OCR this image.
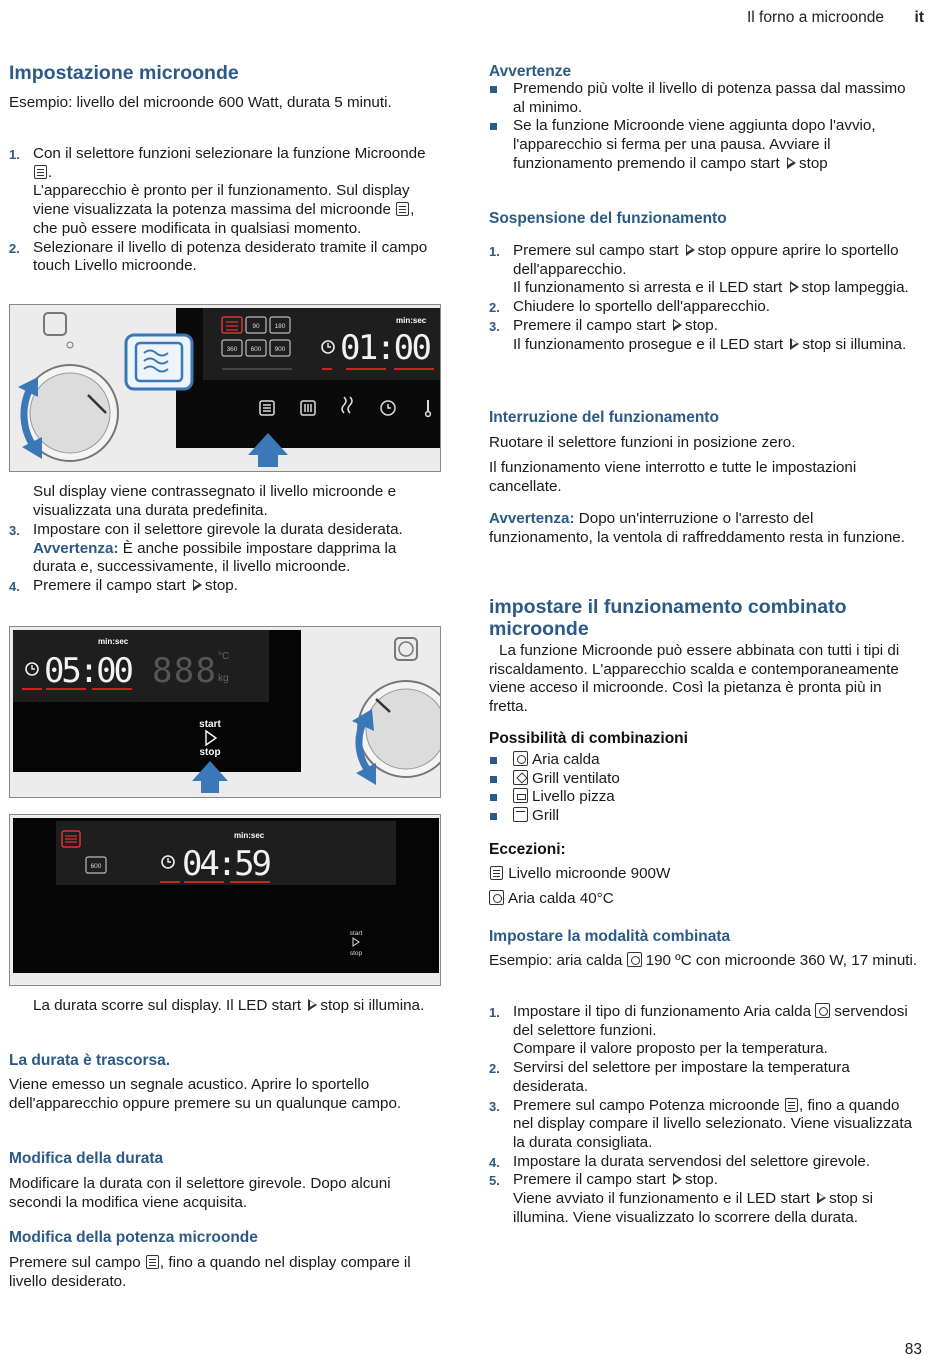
Il forno a microonde it
Impostazione microonde

Esempio: livello del microonde 600 Watt, durata 5 minuti.

1. Con il selettore funzioni selezionare la funzione Microonde .
L’apparecchio è pronto per il funzionamento. Sul display viene visualizzata la potenza massima del microonde , che può essere modificata in qualsiasi momento.
2. Selezionare il livello di potenza desiderato tramite il campo touch Livello microonde.
90 180
360 600 900
min:sec
01:00

Sul display viene contrassegnato il livello microonde e visualizzata una durata predefinita.

3. Impostare con il selettore girevole la durata desiderata.
Avvertenza: È anche possibile impostare dapprima la durata e, successivamente, il livello microonde.
4. Premere il campo start stop.
min:sec
05:00 888 °C
kg
start
stop
600
min:sec
04:59
start
stop

La durata scorre sul display. Il LED start stop si illumina.

La durata è trascorsa.

Viene emesso un segnale acustico. Aprire lo sportello dell'apparecchio oppure premere su un qualunque campo.

Modifica della durata

Modificare la durata con il selettore girevole. Dopo alcuni secondi la modifica viene acquisita.

Modifica della potenza microonde

Premere sul campo , fino a quando nel display compare il livello desiderato.

Avvertenze
Premendo più volte il livello di potenza passa dal massimo al minimo.
Se la funzione Microonde viene aggiunta dopo l'avvio, l'apparecchio si ferma per una pausa. Avviare il funzionamento premendo il campo start stop
Sospensione del funzionamento
1. Premere sul campo start stop oppure aprire lo sportello dell'apparecchio.
Il funzionamento si arresta e il LED start stop lampeggia.
2. Chiudere lo sportello dell'apparecchio.
3. Premere il campo start stop.
Il funzionamento prosegue e il LED start stop si illumina.
Interruzione del funzionamento

Ruotare il selettore funzioni in posizione zero.

Il funzionamento viene interrotto e tutte le impostazioni cancellate.

Avvertenza: Dopo un'interruzione o l'arresto del funzionamento, la ventola di raffreddamento resta in funzione.

impostare il funzionamento combinato microonde

La funzione Microonde può essere abbinata con tutti i tipi di riscaldamento. L'apparecchio scalda e contemporaneamente viene acceso il microonde. Così la pietanza è pronta più in fretta.

Possibilità di combinazioni
Aria calda
Grill ventilato
Livello pizza
Grill
Eccezioni:

Livello microonde 900W

Aria calda 40°C

Impostare la modalità combinata

Esempio: aria calda 190 ºC con microonde 360 W, 17 minuti.

1. Impostare il tipo di funzionamento Aria calda servendosi del selettore funzioni.
Compare il valore proposto per la temperatura.
2. Servirsi del selettore per impostare la temperatura desiderata.
3. Premere sul campo Potenza microonde , fino a quando nel display compare il livello selezionato. Viene visualizzata la durata consigliata.
4. Impostare la durata servendosi del selettore girevole.
5. Premere il campo start stop.
Viene avviato il funzionamento e il LED start stop si illumina. Viene visualizzato lo scorrere della durata.
83
